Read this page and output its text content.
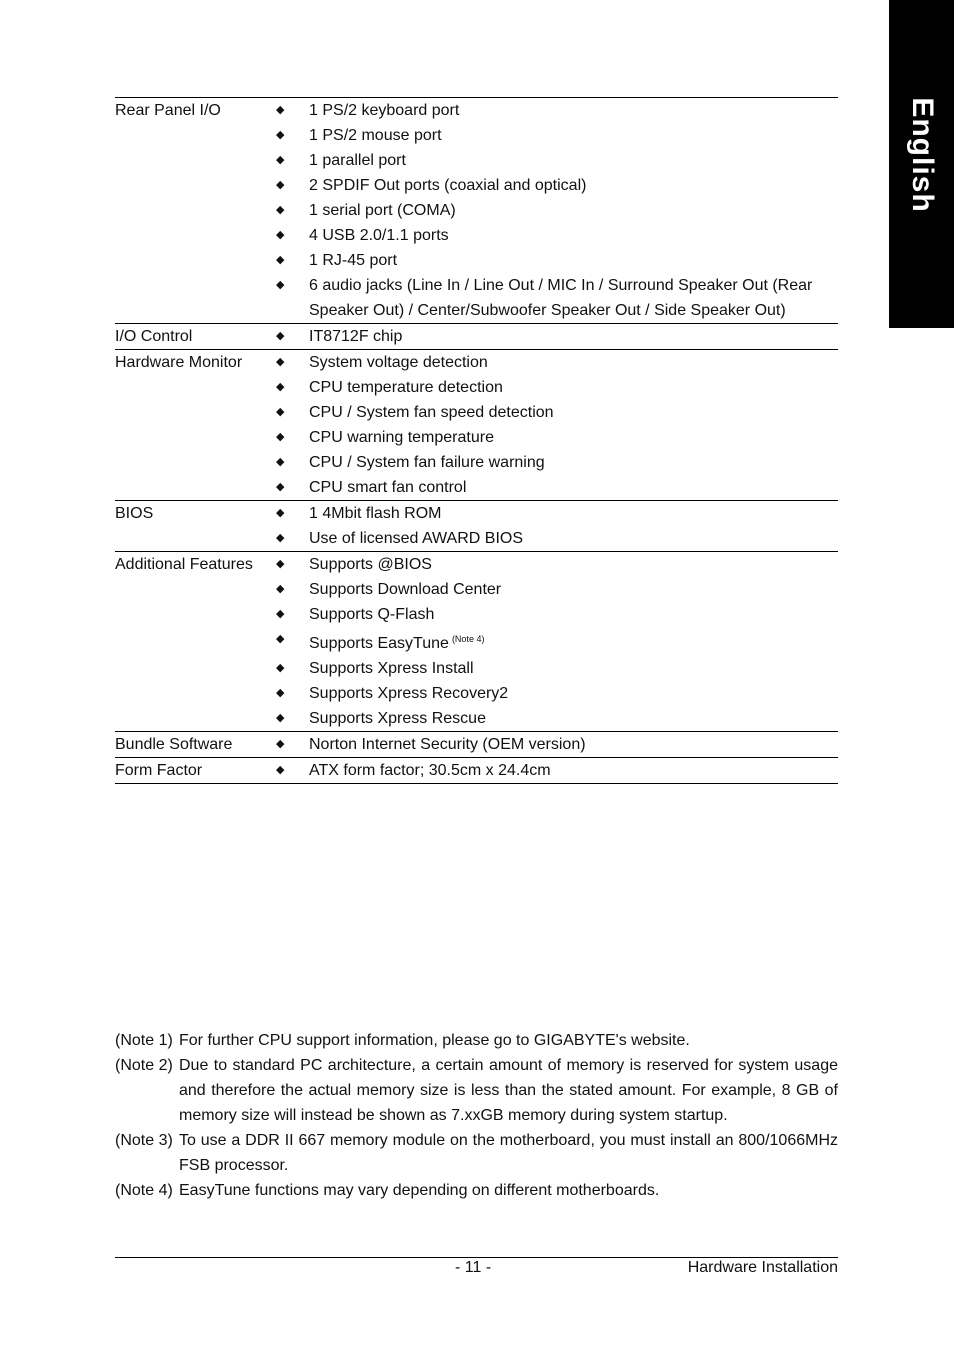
English
Rear Panel I/O	◆	1 PS/2 keyboard port
◆	1 PS/2 mouse port
◆	1 parallel port
◆	2 SPDIF Out ports (coaxial and optical)
◆	1 serial port (COMA)
◆	4 USB 2.0/1.1 ports
◆	1 RJ-45 port
◆	6 audio jacks (Line In / Line Out / MIC In / Surround Speaker Out (Rear Speaker Out) / Center/Subwoofer Speaker Out / Side Speaker Out)
I/O Control	◆	IT8712F chip
Hardware Monitor	◆	System voltage detection
◆	CPU temperature detection
◆	CPU / System fan speed detection
◆	CPU warning temperature
◆	CPU / System fan failure warning
◆	CPU smart fan control
BIOS	◆	1 4Mbit flash ROM
◆	Use of licensed AWARD BIOS
Additional Features	◆	Supports @BIOS
◆	Supports Download Center
◆	Supports Q-Flash
◆	Supports EasyTune $^{(Note 4)}$
◆	Supports Xpress Install
◆	Supports Xpress Recovery2
◆	Supports Xpress Rescue
Bundle Software	◆	Norton Internet Security (OEM version)
Form Factor	◆	ATX form factor; 30.5cm x 24.4cm
(Note 1) For further CPU support information, please go to GIGABYTE's website.
(Note 2) Due to standard PC architecture, a certain amount of memory is reserved for system usage and therefore the actual memory size is less than the stated amount. For example, 8 GB of memory size will instead be shown as 7.xxGB memory during system startup.
(Note 3) To use a DDR II 667 memory module on the motherboard, you must install an 800/1066MHz FSB processor.
(Note 4) EasyTune functions may vary depending on different motherboards.
- 11 -	Hardware Installation
